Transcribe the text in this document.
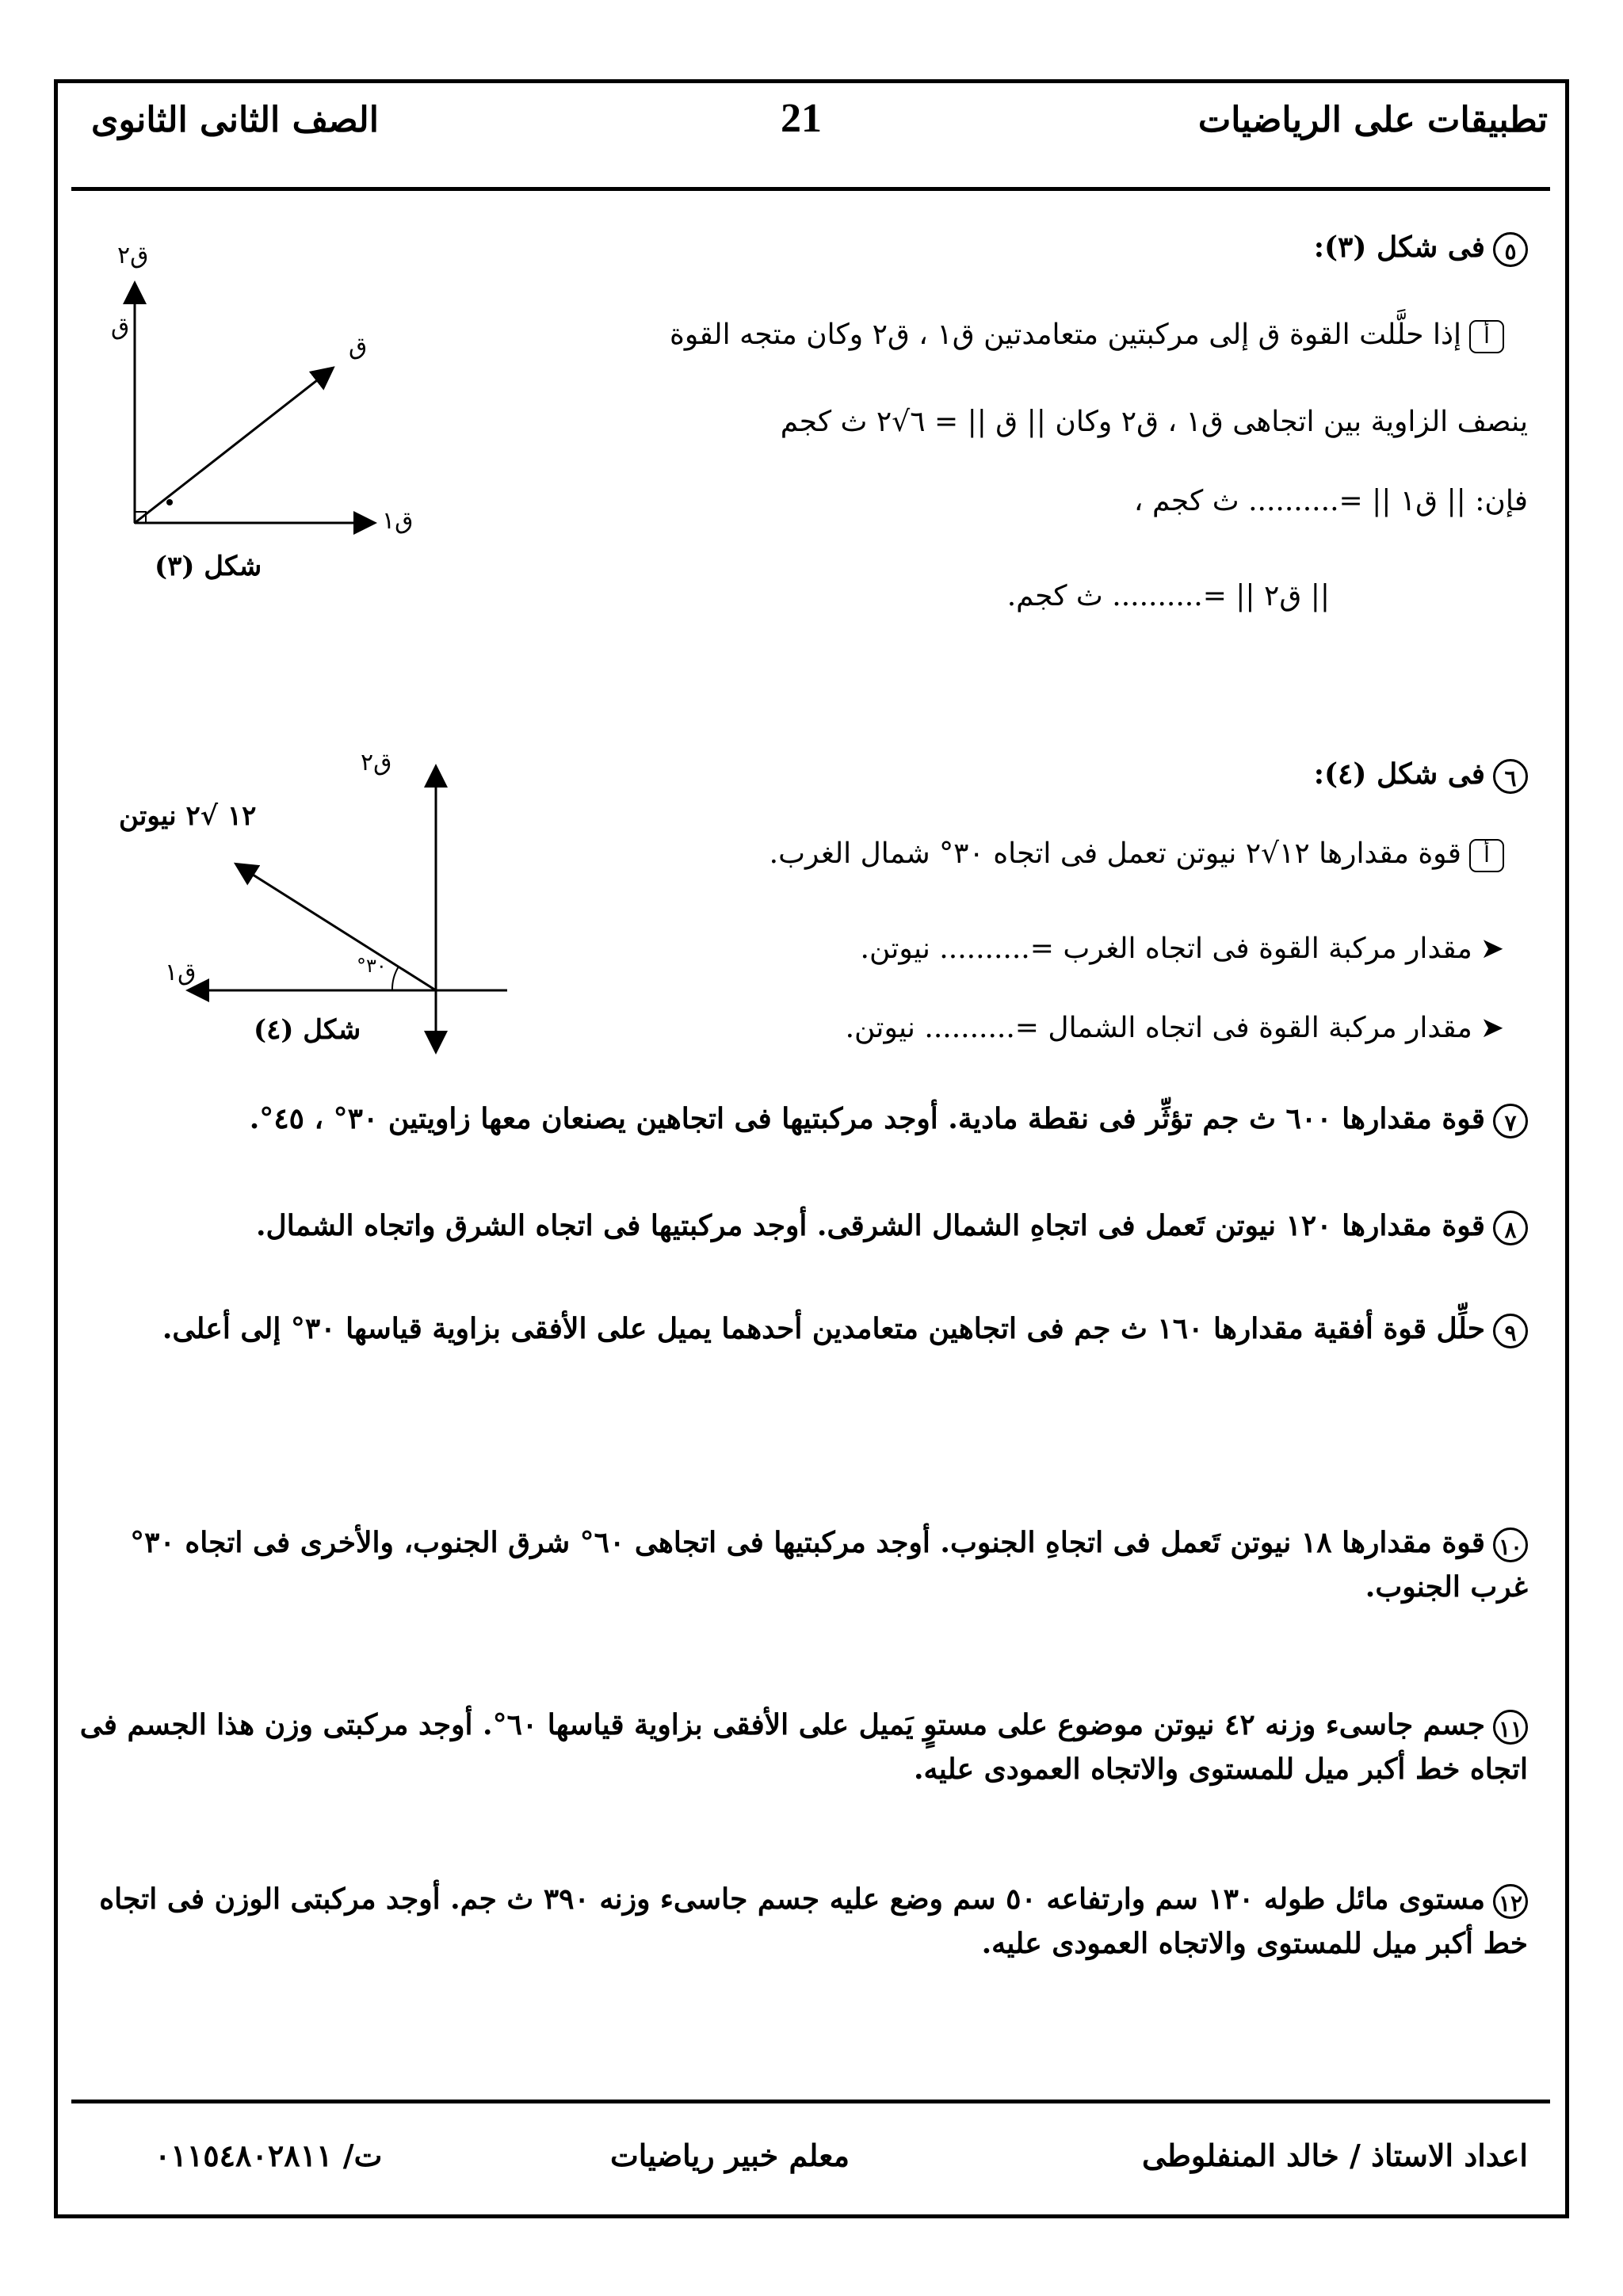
تطبيقات على الرياضيات
21
الصف الثانى الثانوى
٥فى شكل (٣):
أإذا حلَّلت القوة ق إلى مركبتين متعامدتين ق١ ، ق٢ وكان متجه القوة
ينصف الزاوية بين اتجاهى ق١ ، ق٢ وكان || ق || = ٦√٢ ث كجم
فإن: || ق١ || =.......... ث كجم ،
|| ق٢ || =.......... ث كجم.
ق٢
ق
ق
ق١
شكل (٣)
٦فى شكل (٤):
أقوة مقدارها ١٢√٢ نيوتن تعمل فى اتجاه ٣٠° شمال الغرب.
➤مقدار مركبة القوة فى اتجاه الغرب =.......... نيوتن.
➤مقدار مركبة القوة فى اتجاه الشمال =.......... نيوتن.
ق٢
ق١
١٢ √٢ نيوتن
٣٠°
شكل (٤)
٧قوة مقدارها ٦٠٠ ث جم تؤثِّر فى نقطة مادية. أوجد مركبتيها فى اتجاهين يصنعان معها زاويتين ٣٠° ، ٤٥°.
٨قوة مقدارها ١٢٠ نيوتن تَعمل فى اتجاهِ الشمال الشرقى. أوجد مركبتيها فى اتجاه الشرق واتجاه الشمال.
٩حلِّل قوة أفقية مقدارها ١٦٠ ث جم فى اتجاهين متعامدين أحدهما يميل على الأفقى بزاوية قياسها ٣٠° إلى أعلى.
١٠قوة مقدارها ١٨ نيوتن تَعمل فى اتجاهِ الجنوب. أوجد مركبتيها فى اتجاهى ٦٠° شرق الجنوب، والأخرى فى اتجاه ٣٠° غرب الجنوب.
١١جسم جاسىء وزنه ٤٢ نيوتن موضوع على مستوٍ يَميل على الأفقى بزاوية قياسها ٦٠°. أوجد مركبتى وزن هذا الجسم فى اتجاه خط أكبر ميل للمستوى والاتجاه العمودى عليه.
١٢مستوى مائل طوله ١٣٠ سم وارتفاعه ٥٠ سم وضع عليه جسم جاسىء وزنه ٣٩٠ ث جم. أوجد مركبتى الوزن فى اتجاه خط أكبر ميل للمستوى والاتجاه العمودى عليه.
اعداد الاستاذ / خالد المنفلوطى
معلم خبير رياضيات
ت/ ٠١١٥٤٨٠٢٨١١
